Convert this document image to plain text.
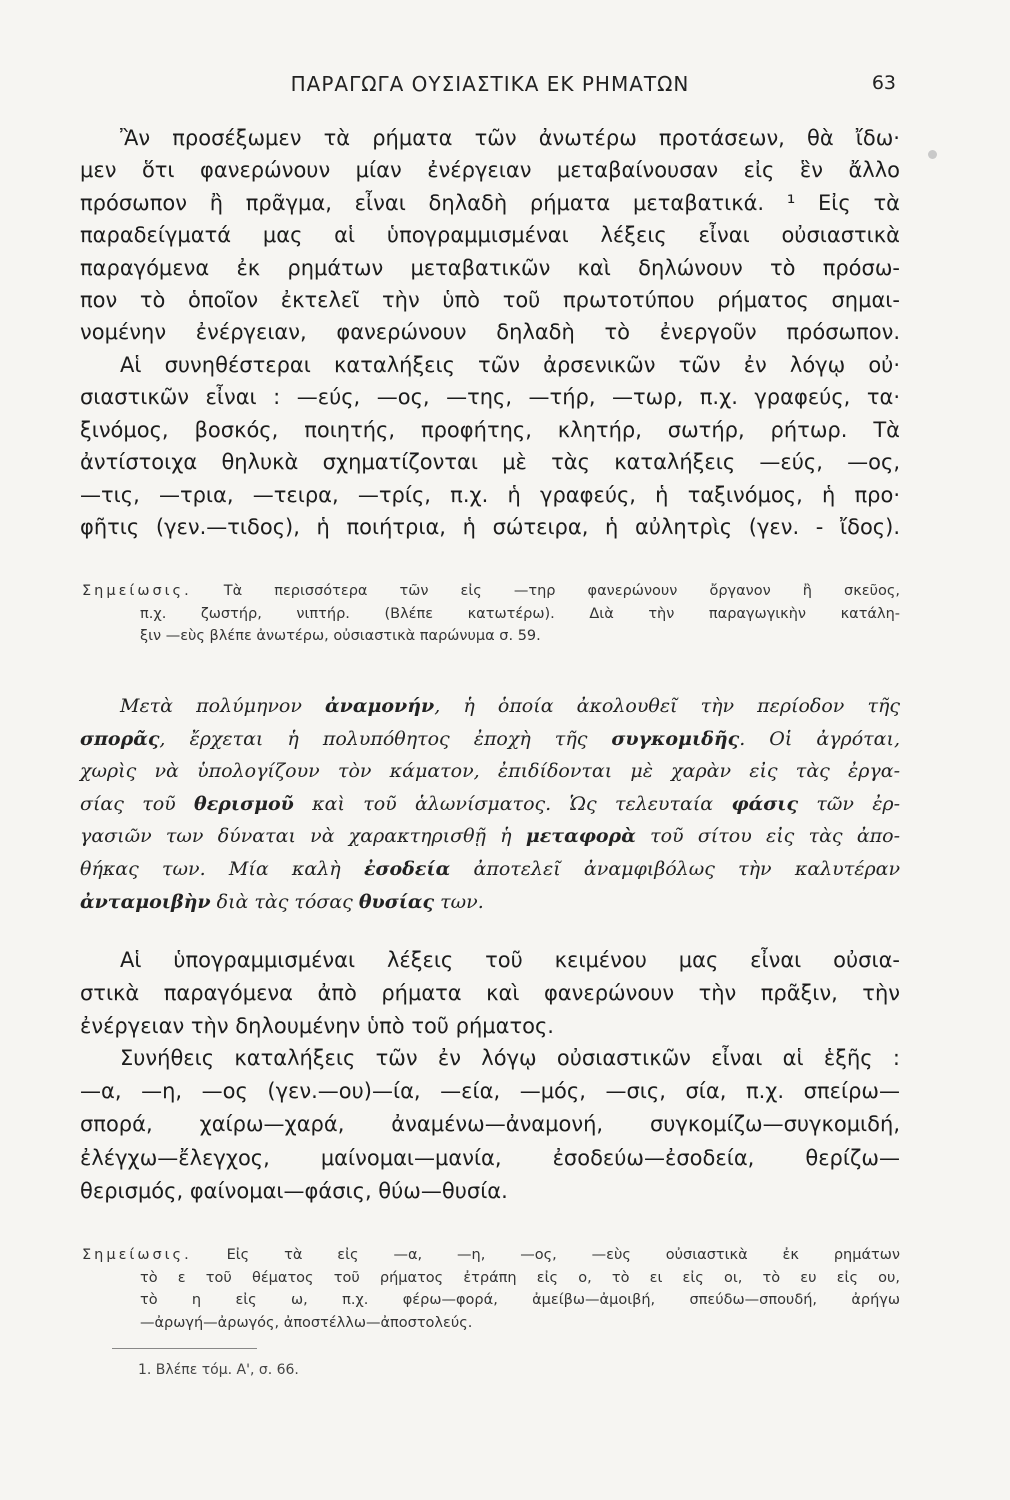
ΠΑΡΑΓΩΓΑ ΟΥΣΙΑΣΤΙΚΑ ΕΚ ΡΗΜΑΤΩΝ	63
Ἂν προσέξωμεν τὰ ρήματα τῶν ἀνωτέρω προτάσεων, θὰ ἴδω·
μεν ὅτι φανερώνουν μίαν ἐνέργειαν μεταβαίνουσαν εἰς ἓν ἄλλο
πρόσωπον ἢ πρᾶγμα, εἶναι δηλαδὴ ρήματα μεταβατικά. ¹ Εἰς τὰ
παραδείγματά μας αἱ ὑπογραμμισμέναι λέξεις εἶναι οὐσιαστικὰ
παραγόμενα ἐκ ρημάτων μεταβατικῶν καὶ δηλώνουν τὸ πρόσω-
πον τὸ ὁποῖον ἐκτελεῖ τὴν ὑπὸ τοῦ πρωτοτύπου ρήματος σημαι-
νομένην ἐνέργειαν, φανερώνουν δηλαδὴ τὸ ἐνεργοῦν πρόσωπον.
Αἱ συνηθέστεραι καταλήξεις τῶν ἀρσενικῶν τῶν ἐν λόγῳ οὐ·
σιαστικῶν εἶναι : —εύς, —ος, —της, —τήρ, —τωρ, π.χ. γραφεύς, τα·
ξινόμος, βοσκός, ποιητής, προφήτης, κλητήρ, σωτήρ, ρήτωρ. Τὰ
ἀντίστοιχα θηλυκὰ σχηματίζονται μὲ τὰς καταλήξεις —εύς, —ος,
—τις, —τρια, —τειρα, —τρίς, π.χ. ἡ γραφεύς, ἡ ταξινόμος, ἡ προ·
φῆτις (γεν.—τιδος), ἡ ποιήτρια, ἡ σώτειρα, ἡ αὐλητρὶς (γεν. - ἴδος).
Σημείωσις. Τὰ περισσότερα τῶν εἰς —τηρ φανερώνουν ὄργανον ἢ σκεῦος,
π.χ. ζωστήρ, νιπτήρ. (Βλέπε κατωτέρω). Διὰ τὴν παραγωγικὴν κατάλη-
ξιν —εὺς βλέπε ἀνωτέρω, οὐσιαστικὰ παρώνυμα σ. 59.
Μετὰ πολύμηνον ἀναμονήν, ἡ ὁποία ἀκολουθεῖ τὴν περίοδον τῆς
σπορᾶς, ἔρχεται ἡ πολυπόθητος ἐποχὴ τῆς συγκομιδῆς. Οἱ ἀγρόται,
χωρὶς νὰ ὑπολογίζουν τὸν κάματον, ἐπιδίδονται μὲ χαρὰν εἰς τὰς ἐργα-
σίας τοῦ θερισμοῦ καὶ τοῦ ἁλωνίσματος. Ὡς τελευταία φάσις τῶν ἐρ-
γασιῶν των δύναται νὰ χαρακτηρισθῇ ἡ μεταφορὰ τοῦ σίτου εἰς τὰς ἀπο-
θήκας των. Μία καλὴ ἐσοδεία ἀποτελεῖ ἀναμφιβόλως τὴν καλυτέραν
ἀνταμοιβὴν διὰ τὰς τόσας θυσίας των.
Αἱ ὑπογραμμισμέναι λέξεις τοῦ κειμένου μας εἶναι οὐσια-
στικὰ παραγόμενα ἀπὸ ρήματα καὶ φανερώνουν τὴν πρᾶξιν, τὴν
ἐνέργειαν τὴν δηλουμένην ὑπὸ τοῦ ρήματος.
Συνήθεις καταλήξεις τῶν ἐν λόγῳ οὐσιαστικῶν εἶναι αἱ ἑξῆς :
—α, —η, —ος (γεν.—ου)—ία, —εία, —μός, —σις, σία, π.χ. σπείρω—
σπορά, χαίρω—χαρά, ἀναμένω—ἀναμονή, συγκομίζω—συγκομιδή,
ἐλέγχω—ἔλεγχος, μαίνομαι—μανία, ἐσοδεύω—ἐσοδεία, θερίζω—
θερισμός, φαίνομαι—φάσις, θύω—θυσία.
Σημείωσις. Εἰς τὰ εἰς —α, —η, —ος, —εὺς οὐσιαστικὰ ἐκ ρημάτων
τὸ ε τοῦ θέματος τοῦ ρήματος ἐτράπη εἰς ο, τὸ ει εἰς οι, τὸ ευ εἰς ου,
τὸ η εἰς ω, π.χ. φέρω—φορά, ἀμείβω—ἀμοιβή, σπεύδω—σπουδή, ἀρήγω
—ἀρωγή—ἀρωγός, ἀποστέλλω—ἀποστολεύς.
1. Βλέπε τόμ. Α', σ. 66.
